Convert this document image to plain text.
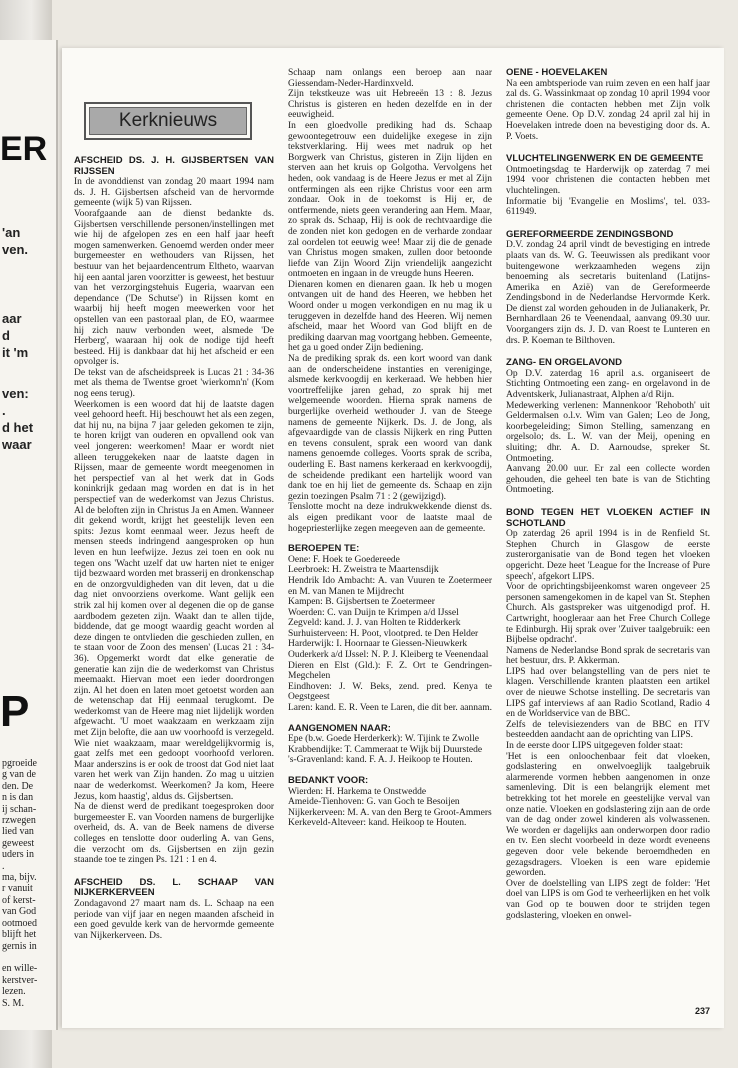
ER
'an
ven.
aar
d
it 'm
ven:
.
d het
waar
P
pgroeide
g van de
den. De
n is dan
ij schan-
rzwegen
lied van
geweest
uders in
.
ma, bijv.
r vanuit
of kerst-
van God
ootmoed
blijft het
gernis in

en wille-
kerstver-
lezen.
S. M.
Kerknieuws
AFSCHEID DS. J. H. GIJSBERTSEN VAN RIJSSEN

In de avonddienst van zondag 20 maart 1994 nam ds. J. H. Gijsbertsen afscheid van de hervormde gemeente (wijk 5) van Rijssen.

Voorafgaande aan de dienst bedankte ds. Gijsbertsen verschillende personen/instellingen met wie hij de afgelopen zes en een half jaar heeft mogen samenwerken. Genoemd werden onder meer burgemeester en wethouders van Rijssen, het bestuur van het bejaardencentrum Eltheto, waarvan hij een aantal jaren voorzitter is geweest, het bestuur van het verzorgingstehuis Eugeria, waarvan een dependance ('De Schutse') in Rijssen komt en waarbij hij heeft mogen meewerken voor het opstellen van een pastoraal plan, de EO, waarmee hij zich nauw verbonden weet, alsmede 'De Herberg', waaraan hij ook de nodige tijd heeft besteed. Hij is dankbaar dat hij het afscheid er een opvolger is.

De tekst van de afscheidspreek is Lucas 21 : 34-36 met als thema de Twentse groet 'wierkomn'n' (Kom nog eens terug).

Weerkomen is een woord dat hij de laatste dagen veel gehoord heeft. Hij beschouwt het als een zegen, dat hij nu, na bijna 7 jaar geleden gekomen te zijn, te horen krijgt van ouderen en opvallend ook van veel jongeren: weerkomen! Maar er wordt niet alleen teruggekeken naar de laatste dagen in Rijssen, maar de gemeente wordt meegenomen in het perspectief van al het werk dat in Gods koninkrijk gedaan mag worden en dat is in het perspectief van de wederkomst van Jezus Christus. Al de beloften zijn in Christus Ja en Amen. Wanneer dit gekend wordt, krijgt het geestelijk leven een spits: Jezus komt eenmaal weer. Jezus heeft de mensen steeds indringend aangesproken op hun leven en hun leefwijze. Jezus zei toen en ook nu tegen ons 'Wacht uzelf dat uw harten niet te eniger tijd bezwaard worden met brasserij en dronkenschap en de onzorgvuldigheden van dit leven, dat u die dag niet onvoorziens overkome. Want gelijk een strik zal hij komen over al degenen die op de ganse aardbodem gezeten zijn. Waakt dan te allen tijde, biddende, dat ge moogt waardig geacht worden al deze dingen te ontvlieden die geschieden zullen, en te staan voor de Zoon des mensen' (Lucas 21 : 34-36). Opgemerkt wordt dat elke generatie de generatie kan zijn die de wederkomst van Christus meemaakt. Hiervan moet een ieder doordrongen zijn. Al het doen en laten moet getoetst worden aan de wetenschap dat Hij eenmaal terugkomt. De wederkomst van de Heere mag niet lijdelijk worden afgewacht. 'U moet waakzaam en werkzaam zijn met Zijn belofte, die aan uw voorhoofd is verzegeld. Wie niet waakzaam, maar wereldgelijkvormig is, gaat zelfs met een gedoopt voorhoofd verloren. Maar anderszins is er ook de troost dat God niet laat varen het werk van Zijn handen. Zo mag u uitzien naar de wederkomst. Weerkomen? Ja kom, Heere Jezus, kom haastig', aldus ds. Gijsbertsen.

Na de dienst werd de predikant toegesproken door burgemeester E. van Voorden namens de burgerlijke overheid, ds. A. van de Beek namens de diverse colleges en tenslotte door ouderling A. van Gens, die verzocht om ds. Gijsbertsen en zijn gezin staande toe te zingen Ps. 121 : 1 en 4.

AFSCHEID DS. L. SCHAAP VAN NIJKERKERVEEN

Zondagavond 27 maart nam ds. L. Schaap na een periode van vijf jaar en negen maanden afscheid in een goed gevulde kerk van de hervormde gemeente van Nijkerkerveen. Ds.

Schaap nam onlangs een beroep aan naar Giessendam-Neder-Hardinxveld.

Zijn tekstkeuze was uit Hebreeën 13 : 8. Jezus Christus is gisteren en heden dezelfde en in der eeuwigheid.

In een gloedvolle prediking had ds. Schaap gewoontegetrouw een duidelijke exegese in zijn tekstverklaring. Hij wees met nadruk op het Borgwerk van Christus, gisteren in Zijn lijden en sterven aan het kruis op Golgotha. Vervolgens het heden, ook vandaag is de Heere Jezus er met al Zijn ontfermingen als een rijke Christus voor een arm zondaar. Ook in de toekomst is Hij er, de ontfermende, niets geen verandering aan Hem. Maar, zo sprak ds. Schaap, Hij is ook de rechtvaardige die de zonden niet kon gedogen en de verharde zondaar zal oordelen tot eeuwig wee! Maar zij die de genade van Christus mogen smaken, zullen door betoonde liefde van Zijn Woord Zijn vriendelijk aangezicht ontmoeten en ingaan in de vreugde huns Heeren.

Dienaren komen en dienaren gaan. Ik heb u mogen ontvangen uit de hand des Heeren, we hebben het Woord onder u mogen verkondigen en nu mag ik u teruggeven in dezelfde hand des Heeren. Wij nemen afscheid, maar het Woord van God blijft en de prediking daarvan mag voortgang hebben. Gemeente, het ga u goed onder Zijn bediening.

Na de prediking sprak ds. een kort woord van dank aan de onderscheidene instanties en vereniginge, alsmede kerkvoogdij en kerkeraad. We hebben hier voortreffelijke jaren gehad, zo sprak hij met welgemeende woorden. Hierna sprak namens de burgerlijke overheid wethouder J. van de Steege namens de gemeente Nijkerk. Ds. J. de Jong, als afgevaardigde van de classis Nijkerk en ring Putten en tevens consulent, sprak een woord van dank namens genoemde colleges. Voorts sprak de scriba, ouderling E. Bast namens kerkeraad en kerkvoogdij, de scheidende predikant een hartelijk woord van dank toe en hij liet de gemeente ds. Schaap en zijn gezin toezingen Psalm 71 : 2 (gewijzigd).

Tenslotte mocht na deze indrukwekkende dienst ds. als eigen predikant voor de laatste maal de hogepriesterlijke zegen meegeven aan de gemeente.

BEROEPEN TE:

Oene: F. Hoek te Goedereede

Leerbroek: H. Zweistra te Maartensdijk

Hendrik Ido Ambacht: A. van Vuuren te Zoetermeer en M. van Manen te Mijdrecht

Kampen: B. Gijsbertsen te Zoetermeer

Woerden: C. van Duijn te Krimpen a/d IJssel

Zegveld: kand. J. J. van Holten te Ridderkerk

Surhuisterveen: H. Poot, vlootpred. te Den Helder

Harderwijk: I. Hoornaar te Giessen-Nieuwkerk

Ouderkerk a/d IJssel: N. P. J. Kleiberg te Veenendaal

Dieren en Elst (Gld.): F. Z. Ort te Gendringen-Megchelen

Eindhoven: J. W. Beks, zend. pred. Kenya te Oegstgeest

Laren: kand. E. R. Veen te Laren, die dit ber. aannam.

AANGENOMEN NAAR:

Epe (b.w. Goede Herderkerk): W. Tijink te Zwolle

Krabbendijke: T. Cammeraat te Wijk bij Duurstede

's-Gravenland: kand. F. A. J. Heikoop te Houten.

BEDANKT VOOR:

Wierden: H. Harkema te Onstwedde

Ameide-Tienhoven: G. van Goch te Besoijen

Nijkerkerveen: M. A. van den Berg te Groot-Ammers

Kerkeveld-Alteveer: kand. Heikoop te Houten.

OENE - HOEVELAKEN

Na een ambtsperiode van ruim zeven en een half jaar zal ds. G. Wassinkmaat op zondag 10 april 1994 voor christenen die contacten hebben met Zijn volk gemeente Oene. Op D.V. zondag 24 april zal hij in Hoevelaken intrede doen na bevestiging door ds. A. P. Voets.

VLUCHTELINGENWERK EN DE GEMEENTE

Ontmoetingsdag te Harderwijk op zaterdag 7 mei 1994 voor christenen die contacten hebben met vluchtelingen.

Informatie bij 'Evangelie en Moslims', tel. 033-611949.

GEREFORMEERDE ZENDINGSBOND

D.V. zondag 24 april vindt de bevestiging en intrede plaats van ds. W. G. Teeuwissen als predikant voor buitengewone werkzaamheden wegens zijn benoeming als secretaris buitenland (Latijns-Amerika en Azië) van de Gereformeerde Zendingsbond in de Nederlandse Hervormde Kerk. De dienst zal worden gehouden in de Julianakerk, Pr. Bernhardlaan 26 te Veenendaal, aanvang 09.30 uur. Voorgangers zijn ds. J. D. van Roest te Lunteren en drs. P. Koeman te Bilthoven.

ZANG- EN ORGELAVOND

Op D.V. zaterdag 16 april a.s. organiseert de Stichting Ontmoeting een zang- en orgelavond in de Adventskerk, Julianastraat, Alphen a/d Rijn.

Medewerking verlenen: Mannenkoor 'Rehoboth' uit Geldermalsen o.l.v. Wim van Galen; Leo de Jong, koorbegeleiding; Simon Stelling, samenzang en orgelsolo; ds. L. W. van der Meij, opening en sluiting; dhr. A. D. Aarnoudse, spreker St. Ontmoeting.

Aanvang 20.00 uur. Er zal een collecte worden gehouden, die geheel ten bate is van de Stichting Ontmoeting.

BOND TEGEN HET VLOEKEN ACTIEF IN SCHOTLAND

Op zaterdag 26 april 1994 is in de Renfield St. Stephen Church in Glasgow de eerste zusterorganisatie van de Bond tegen het vloeken opgericht. Deze heet 'League for the Increase of Pure speech', afgekort LIPS.

Voor de oprichtingsbijeenkomst waren ongeveer 25 personen samengekomen in de kapel van St. Stephen Church. Als gastspreker was uitgenodigd prof. H. Cartwright, hoogleraar aan het Free Church College te Edinburgh. Hij sprak over 'Zuiver taalgebruik: een Bijbelse opdracht'.

Namens de Nederlandse Bond sprak de secretaris van het bestuur, drs. P. Akkerman.

LIPS had over belangstelling van de pers niet te klagen. Verschillende kranten plaatsten een artikel over de nieuwe Schotse instelling. De secretaris van LIPS gaf interviews af aan Radio Scotland, Radio 4 en de Worldservice van de BBC.

Zelfs de televisiezenders van de BBC en ITV besteedden aandacht aan de oprichting van LIPS.

In de eerste door LIPS uitgegeven folder staat:

'Het is een onloochenbaar feit dat vloeken, godslastering en onwelvoeglijk taalgebruik alarmerende vormen hebben aangenomen in onze samenleving. Dit is een belangrijk element met betrekking tot het morele en geestelijke verval van onze natie. Vloeken en godslastering zijn aan de orde van de dag onder zowel kinderen als volwassenen. We worden er dagelijks aan onderworpen door radio en tv. Een slecht voorbeeld in deze wordt eveneens gegeven door vele bekende beroemdheden en gezagsdragers. Vloeken is een ware epidemie geworden.

Over de doelstelling van LIPS zegt de folder: 'Het doel van LIPS is om God te verheerlijken en het volk van God op te bouwen door te strijden tegen godslastering, vloeken en onwel-

237
